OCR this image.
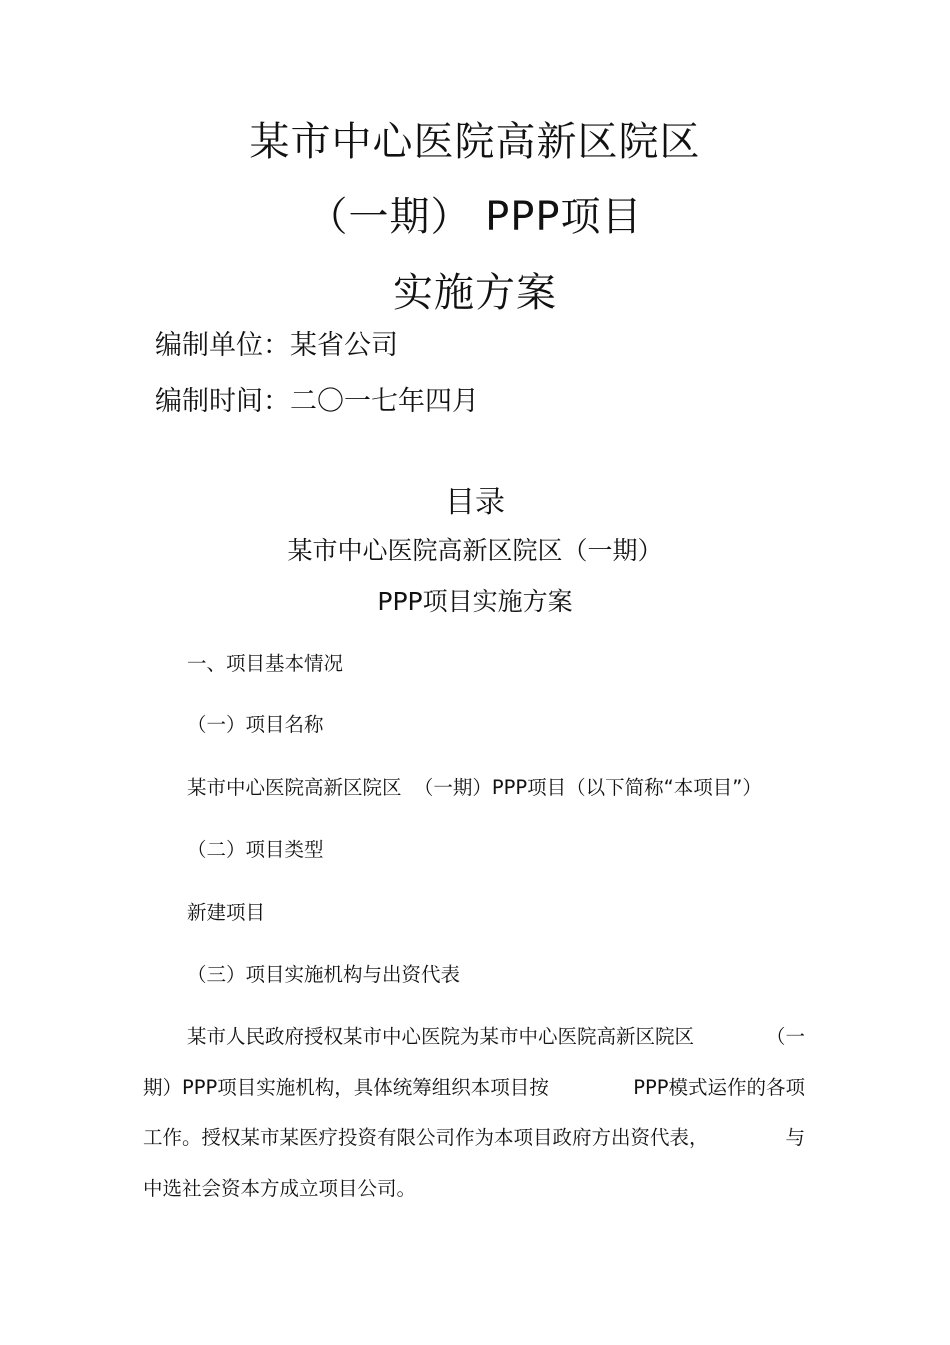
某市中心医院高新区院区
（一期） PPP项目
实施方案
编制单位：某省公司
编制时间：二〇一七年四月
目录
某市中心医院高新区院区（一期）
PPP项目实施方案
一、项目基本情况
（一）项目名称
某市中心医院高新区院区  （一期）PPP项目（以下简称“本项目”）
（二）项目类型
新建项目
（三）项目实施机构与出资代表
某市人民政府授权某市中心医院为某市中心医院高新区院区	（一
期）PPP项目实施机构，具体统筹组织本项目按	PPP模式运作的各项
工作。授权某市某医疗投资有限公司作为本项目政府方出资代表，	与
中选社会资本方成立项目公司。
